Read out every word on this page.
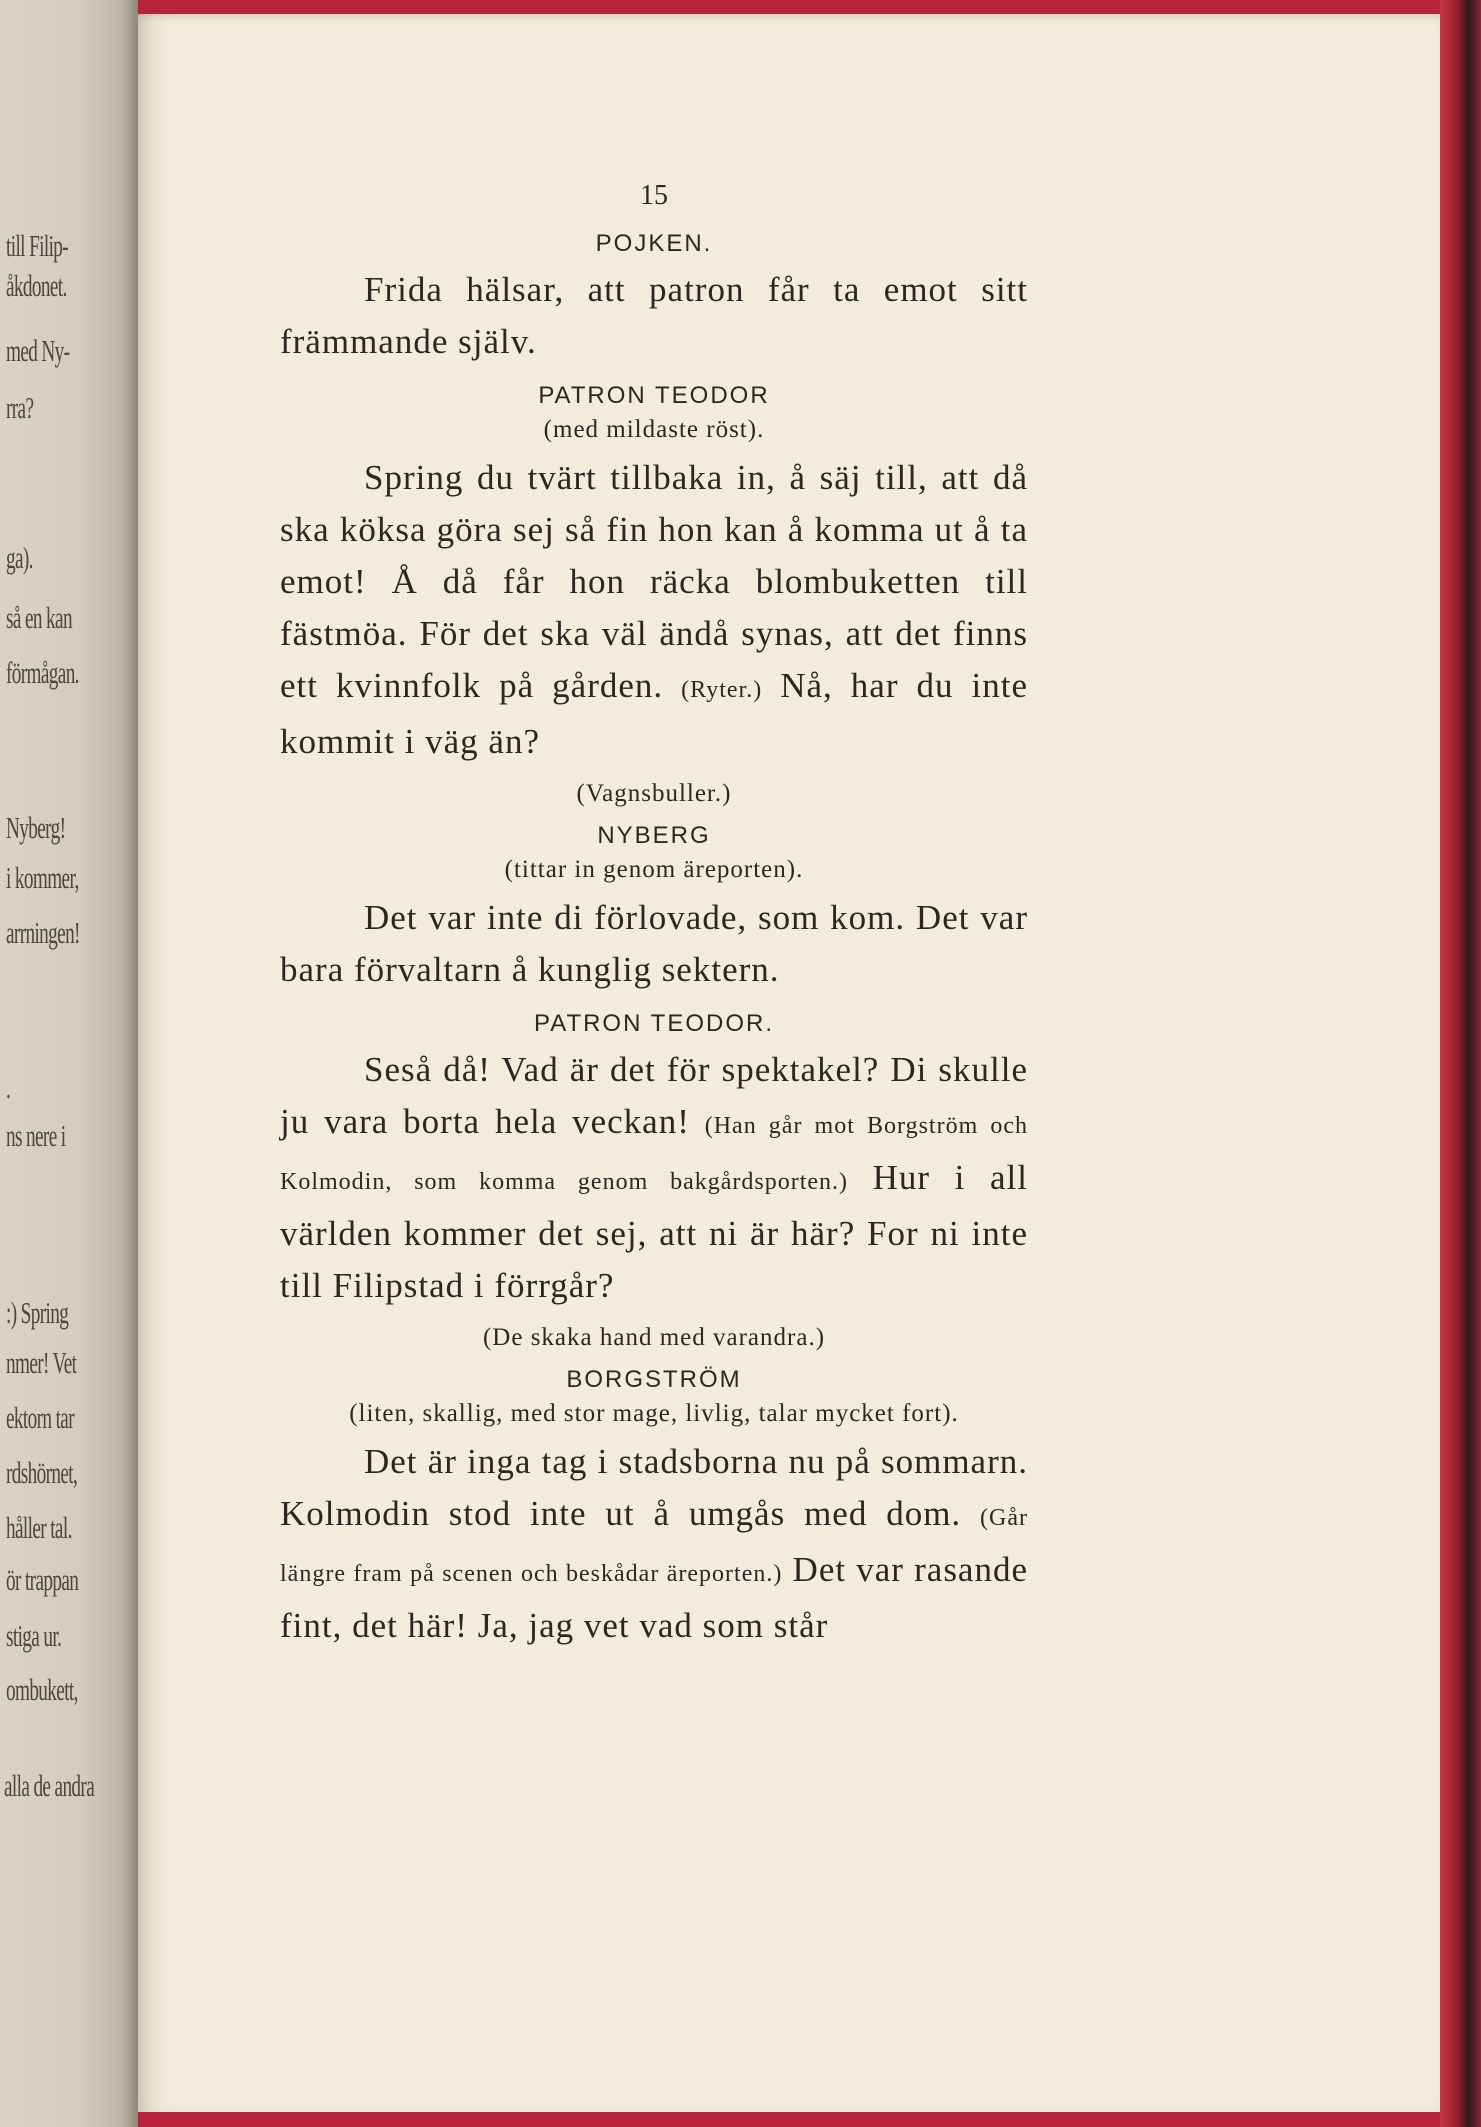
till Filip-
åkdonet.
med Ny-
rra?
ga).
så en kan
förmågan.
Nyberg!
i kommer,
arrningen!
.
ns nere i
:) Spring
nmer! Vet
ektorn tar
rdshörnet,
håller tal.
ör trappan
stiga ur.
ombukett,
alla de andra
15
POJKEN.
Frida hälsar, att patron får ta emot sitt främmande själv.
PATRON TEODOR
(med mildaste röst).
Spring du tvärt tillbaka in, å säj till, att då ska köksa göra sej så fin hon kan å komma ut å ta emot! Å då får hon räcka blombuketten till fästmöa. För det ska väl ändå synas, att det finns ett kvinnfolk på gården. (Ryter.) Nå, har du inte kommit i väg än?
(Vagnsbuller.)
NYBERG
(tittar in genom äreporten).
Det var inte di förlovade, som kom. Det var bara förvaltarn å kunglig sektern.
PATRON TEODOR.
Seså då! Vad är det för spektakel? Di skulle ju vara borta hela veckan! (Han går mot Borgström och Kolmodin, som komma genom bakgårdsporten.) Hur i all världen kommer det sej, att ni är här? For ni inte till Filipstad i förrgår?
(De skaka hand med varandra.)
BORGSTRÖM
(liten, skallig, med stor mage, livlig, talar mycket fort).
Det är inga tag i stadsborna nu på sommarn. Kolmodin stod inte ut å umgås med dom. (Går längre fram på scenen och beskådar äreporten.) Det var rasande fint, det här! Ja, jag vet vad som står
